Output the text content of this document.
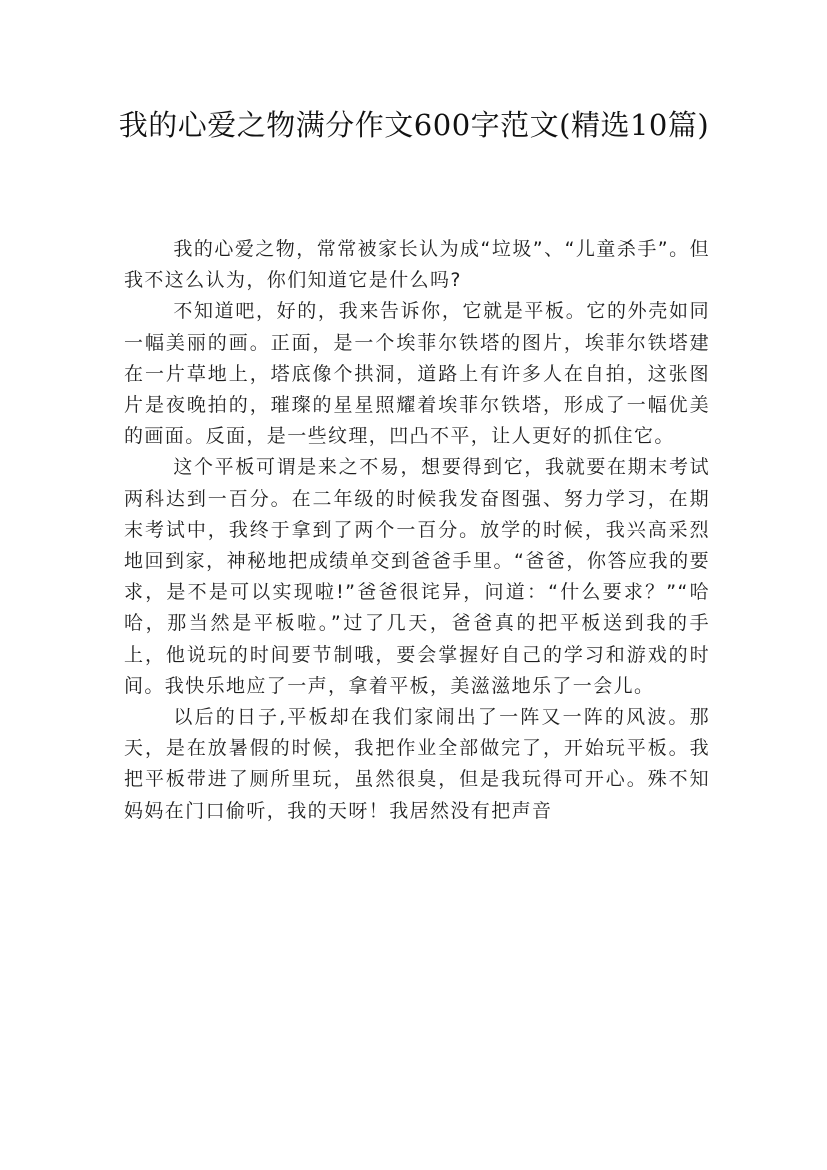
我的心爱之物满分作文600字范文(精选10篇)

我的心爱之物，常常被家长认为成“垃圾”、“儿童杀手”。但我不这么认为，你们知道它是什么吗?

不知道吧，好的，我来告诉你，它就是平板。它的外壳如同一幅美丽的画。正面，是一个埃菲尔铁塔的图片，埃菲尔铁塔建在一片草地上，塔底像个拱洞，道路上有许多人在自拍，这张图片是夜晚拍的，璀璨的星星照耀着埃菲尔铁塔，形成了一幅优美的画面。反面，是一些纹理，凹凸不平，让人更好的抓住它。

这个平板可谓是来之不易，想要得到它，我就要在期末考试两科达到一百分。在二年级的时候我发奋图强、努力学习，在期末考试中，我终于拿到了两个一百分。放学的时候，我兴高采烈地回到家，神秘地把成绩单交到爸爸手里。“爸爸，你答应我的要求，是不是可以实现啦!”爸爸很诧异，问道：“什么要求？”“哈哈，那当然是平板啦。”过了几天，爸爸真的把平板送到我的手上，他说玩的时间要节制哦，要会掌握好自己的学习和游戏的时间。我快乐地应了一声，拿着平板，美滋滋地乐了一会儿。

以后的日子,平板却在我们家闹出了一阵又一阵的风波。那天，是在放暑假的时候，我把作业全部做完了，开始玩平板。我把平板带进了厕所里玩，虽然很臭，但是我玩得可开心。殊不知妈妈在门口偷听，我的天呀！我居然没有把声音
